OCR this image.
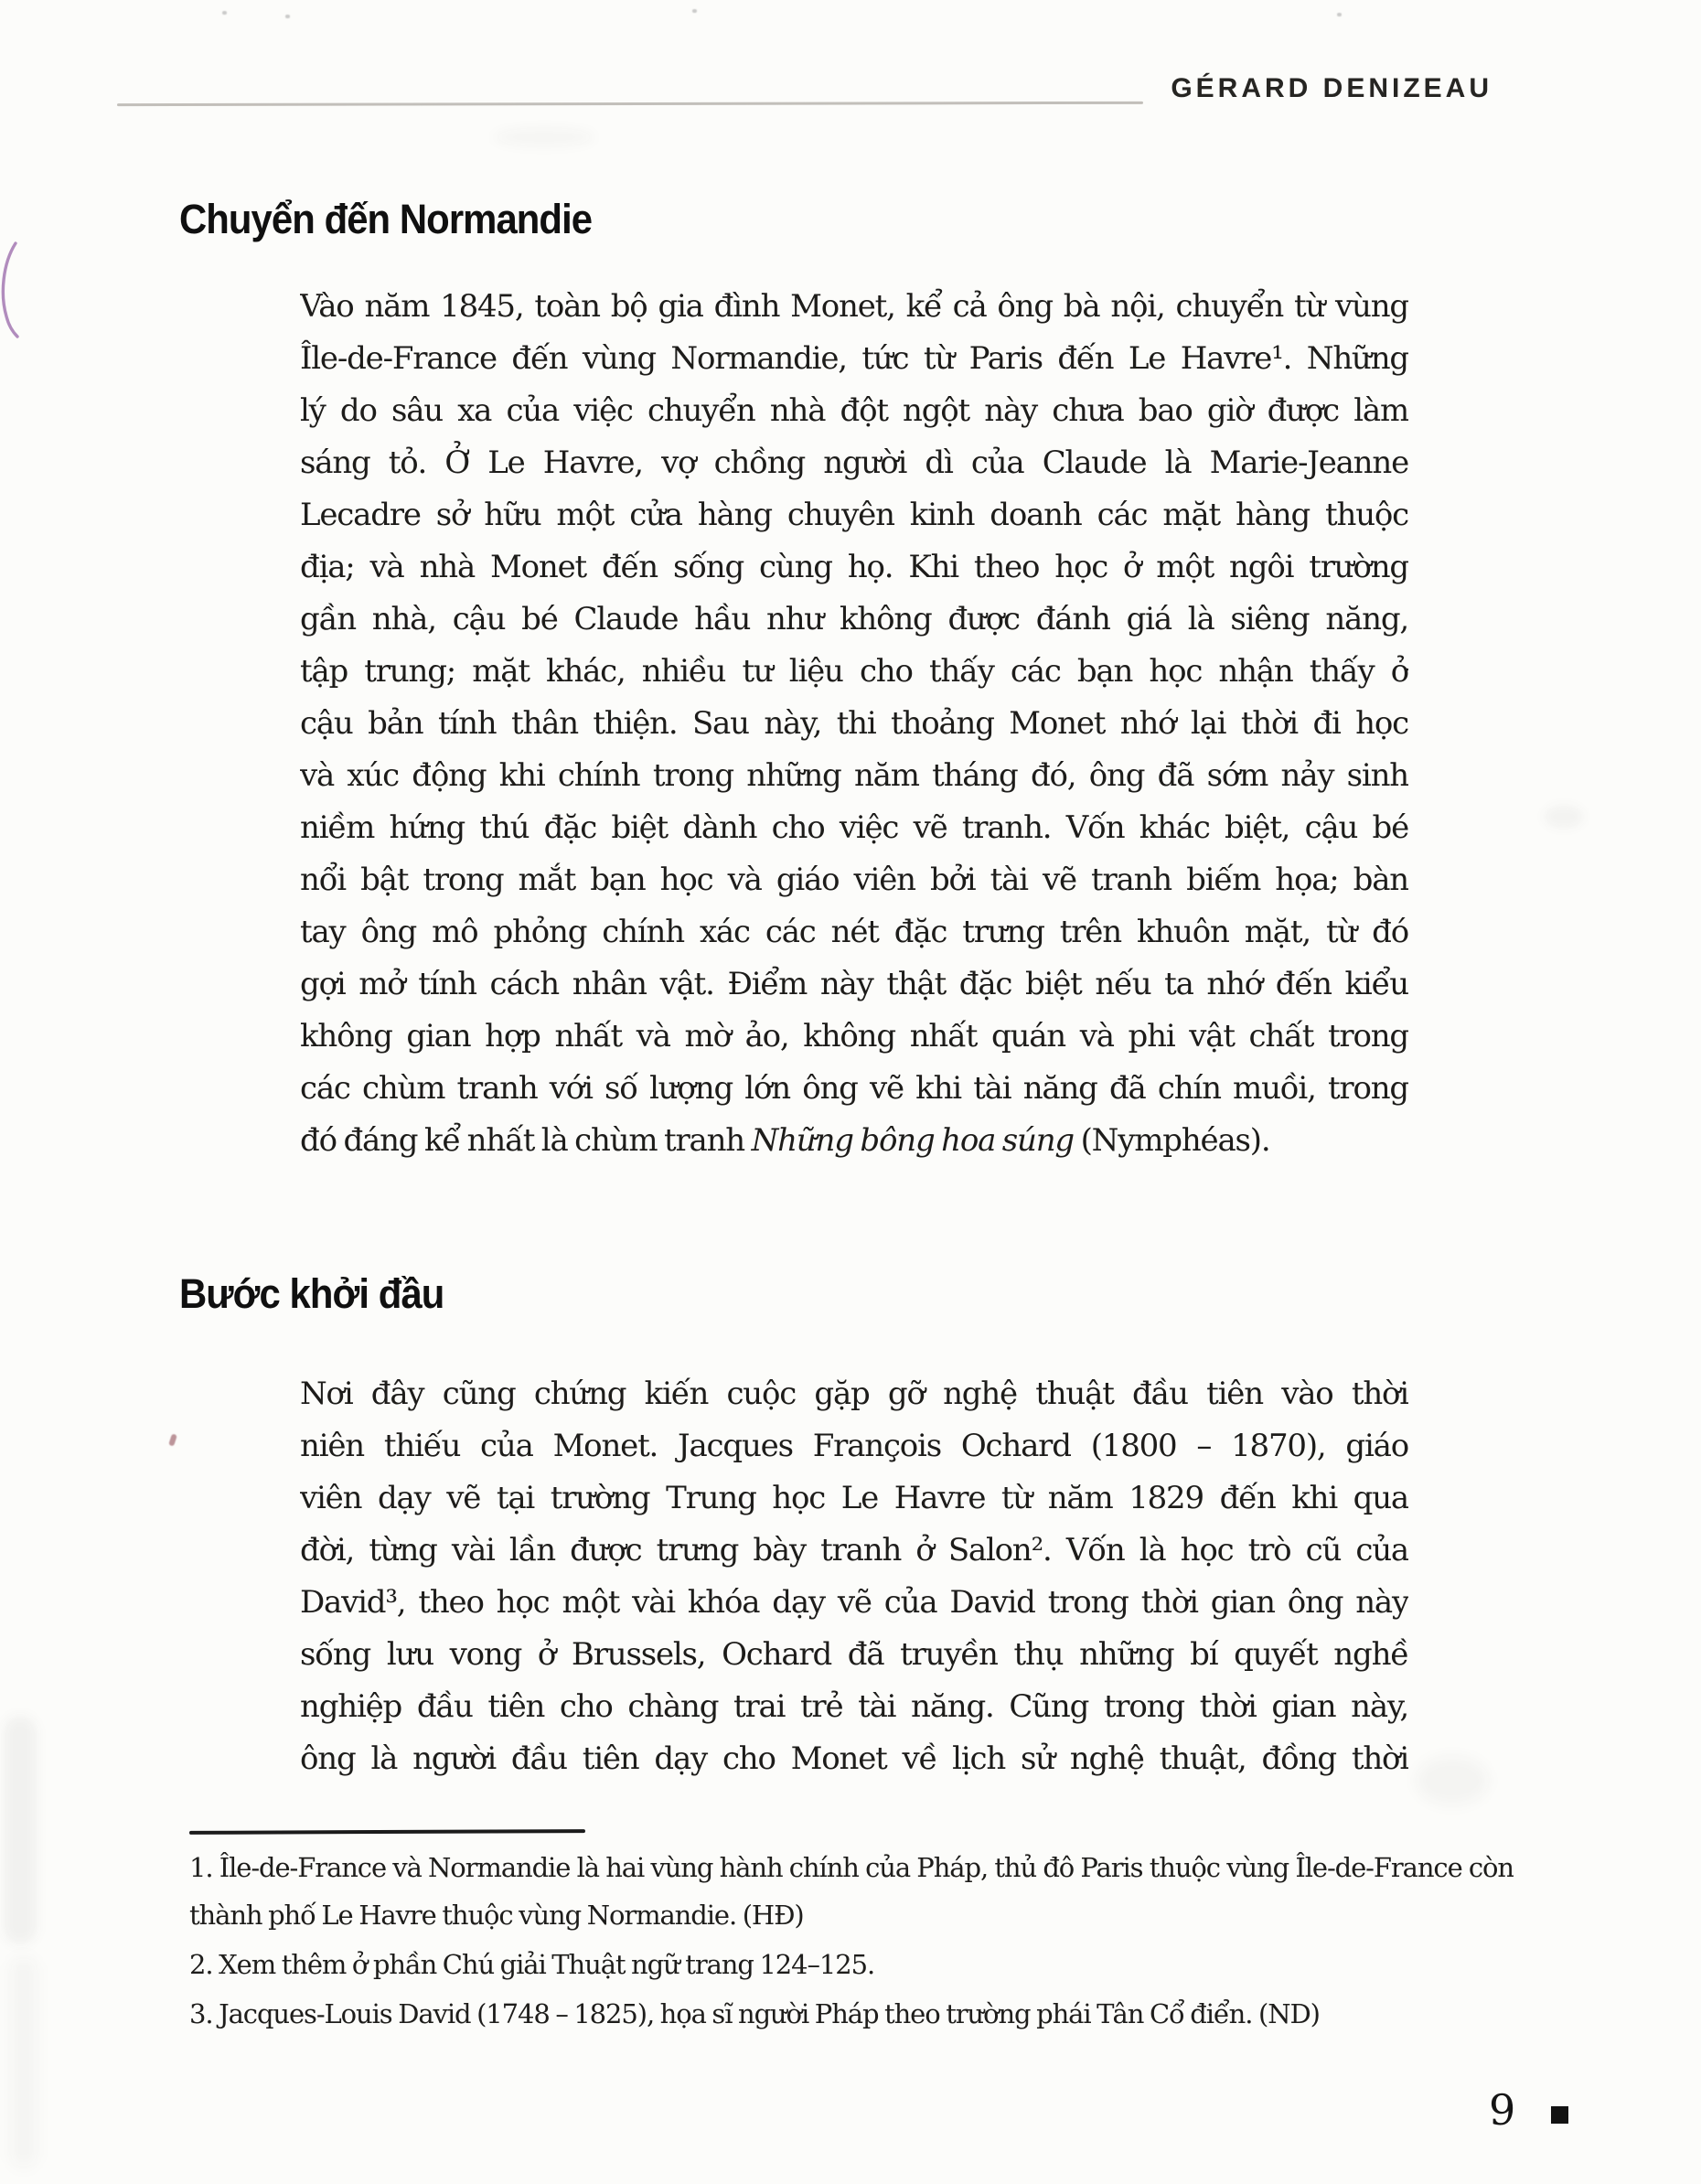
GÉRARD DENIZEAU
Chuyển đến Normandie
Vào năm 1845, toàn bộ gia đình Monet, kể cả ông bà nội, chuyển từ vùng
Île-de-France đến vùng Normandie, tức từ Paris đến Le Havre¹. Những
lý do sâu xa của việc chuyển nhà đột ngột này chưa bao giờ được làm
sáng tỏ. Ở Le Havre, vợ chồng người dì của Claude là Marie-Jeanne
Lecadre sở hữu một cửa hàng chuyên kinh doanh các mặt hàng thuộc
địa; và nhà Monet đến sống cùng họ. Khi theo học ở một ngôi trường
gần nhà, cậu bé Claude hầu như không được đánh giá là siêng năng,
tập trung; mặt khác, nhiều tư liệu cho thấy các bạn học nhận thấy ở
cậu bản tính thân thiện. Sau này, thi thoảng Monet nhớ lại thời đi học
và xúc động khi chính trong những năm tháng đó, ông đã sớm nảy sinh
niềm hứng thú đặc biệt dành cho việc vẽ tranh. Vốn khác biệt, cậu bé
nổi bật trong mắt bạn học và giáo viên bởi tài vẽ tranh biếm họa; bàn
tay ông mô phỏng chính xác các nét đặc trưng trên khuôn mặt, từ đó
gợi mở tính cách nhân vật. Điểm này thật đặc biệt nếu ta nhớ đến kiểu
không gian hợp nhất và mờ ảo, không nhất quán và phi vật chất trong
các chùm tranh với số lượng lớn ông vẽ khi tài năng đã chín muồi, trong
đó đáng kể nhất là chùm tranh Những bông hoa súng (Nymphéas).
Bước khởi đầu
Nơi đây cũng chứng kiến cuộc gặp gỡ nghệ thuật đầu tiên vào thời
niên thiếu của Monet. Jacques François Ochard (1800 – 1870), giáo
viên dạy vẽ tại trường Trung học Le Havre từ năm 1829 đến khi qua
đời, từng vài lần được trưng bày tranh ở Salon². Vốn là học trò cũ của
David³, theo học một vài khóa dạy vẽ của David trong thời gian ông này
sống lưu vong ở Brussels, Ochard đã truyền thụ những bí quyết nghề
nghiệp đầu tiên cho chàng trai trẻ tài năng. Cũng trong thời gian này,
ông là người đầu tiên dạy cho Monet về lịch sử nghệ thuật, đồng thời
1. Île-de-France và Normandie là hai vùng hành chính của Pháp, thủ đô Paris thuộc vùng Île-de-France còn
thành phố Le Havre thuộc vùng Normandie. (HĐ)
2. Xem thêm ở phần Chú giải Thuật ngữ trang 124–125.
3. Jacques-Louis David (1748 – 1825), họa sĩ người Pháp theo trường phái Tân Cổ điển. (ND)
9
